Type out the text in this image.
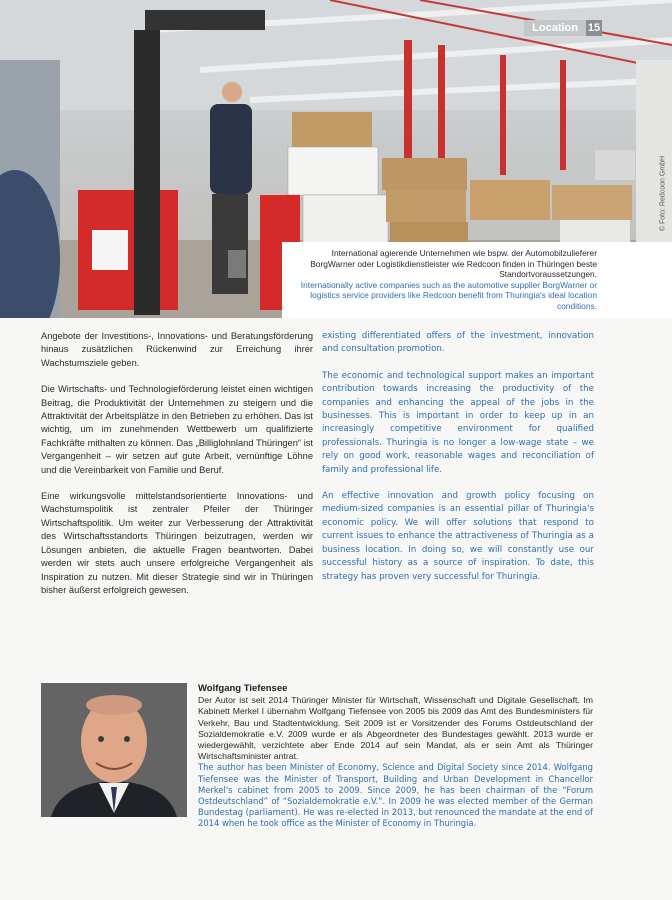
Location 15
© Foto: Redcoon GmbH
International agierende Unternehmen wie bspw. der Automobilzulieferer BorgWarner oder Logistikdienstleister wie Redcoon finden in Thüringen beste Standortvoraussetzungen.
Internationally active companies such as the automotive supplier BorgWarner or logistics service providers like Redcoon benefit from Thuringia's ideal location conditions.

Angebote der Investitions-, Innovations- und Beratungsförderung hinaus zusätzlichen Rückenwind zur Erreichung ihrer Wachstumsziele geben.

Die Wirtschafts- und Technologieförderung leistet einen wichtigen Beitrag, die Produktivität der Unternehmen zu steigern und die Attraktivität der Arbeitsplätze in den Betrieben zu erhöhen. Das ist wichtig, um im zunehmenden Wettbewerb um qualifizierte Fachkräfte mithalten zu können. Das „Billiglohnland Thüringen“ ist Vergangenheit – wir setzen auf gute Arbeit, vernünftige Löhne und die Vereinbarkeit von Familie und Beruf.

Eine wirkungsvolle mittelstandsorientierte Innovations- und Wachstumspolitik ist zentraler Pfeiler der Thüringer Wirtschaftspolitik. Um weiter zur Verbesserung der Attraktivität des Wirtschaftsstandorts Thüringen beizutragen, werden wir Lösungen anbieten, die aktuelle Fragen beantworten. Dabei werden wir stets auch unsere erfolgreiche Vergangenheit als Inspiration zu nutzen. Mit dieser Strategie sind wir in Thüringen bisher äußerst erfolgreich gewesen.

existing differentiated offers of the investment, innovation and consultation promotion.

The economic and technological support makes an important contribution towards increasing the productivity of the companies and enhancing the appeal of the jobs in the businesses. This is important in order to keep up in an increasingly competitive environment for qualified professionals. Thuringia is no longer a low-wage state – we rely on good work, reasonable wages and reconciliation of family and professional life.

An effective innovation and growth policy focusing on medium-sized companies is an essential pillar of Thuringia's economic policy. We will offer solutions that respond to current issues to enhance the attractiveness of Thuringia as a business location. In doing so, we will constantly use our successful history as a source of inspiration. To date, this strategy has proven very successful for Thuringia.

Wolfgang Tiefensee

Der Autor ist seit 2014 Thüringer Minister für Wirtschaft, Wissenschaft und Digitale Gesellschaft. Im Kabinett Merkel I übernahm Wolfgang Tiefensee von 2005 bis 2009 das Amt des Bundesministers für Verkehr, Bau und Stadtentwicklung. Seit 2009 ist er Vorsitzender des Forums Ostdeutschland der Sozialdemokratie e.V. 2009 wurde er als Abgeordneter des Bundestages gewählt. 2013 wurde er wiedergewählt, verzichtete aber Ende 2014 auf sein Mandat, als er sein Amt als Thüringer Wirtschaftsminister antrat.

The author has been Minister of Economy, Science and Digital Society since 2014. Wolfgang Tiefensee was the Minister of Transport, Building and Urban Development in Chancellor Merkel's cabinet from 2005 to 2009. Since 2009, he has been chairman of the “Forum Ostdeutschland” of “Sozialdemokratie e.V.”. In 2009 he was elected member of the German Bundestag (parliament). He was re-elected in 2013, but renounced the mandate at the end of 2014 when he took office as the Minister of Economy in Thuringia.
